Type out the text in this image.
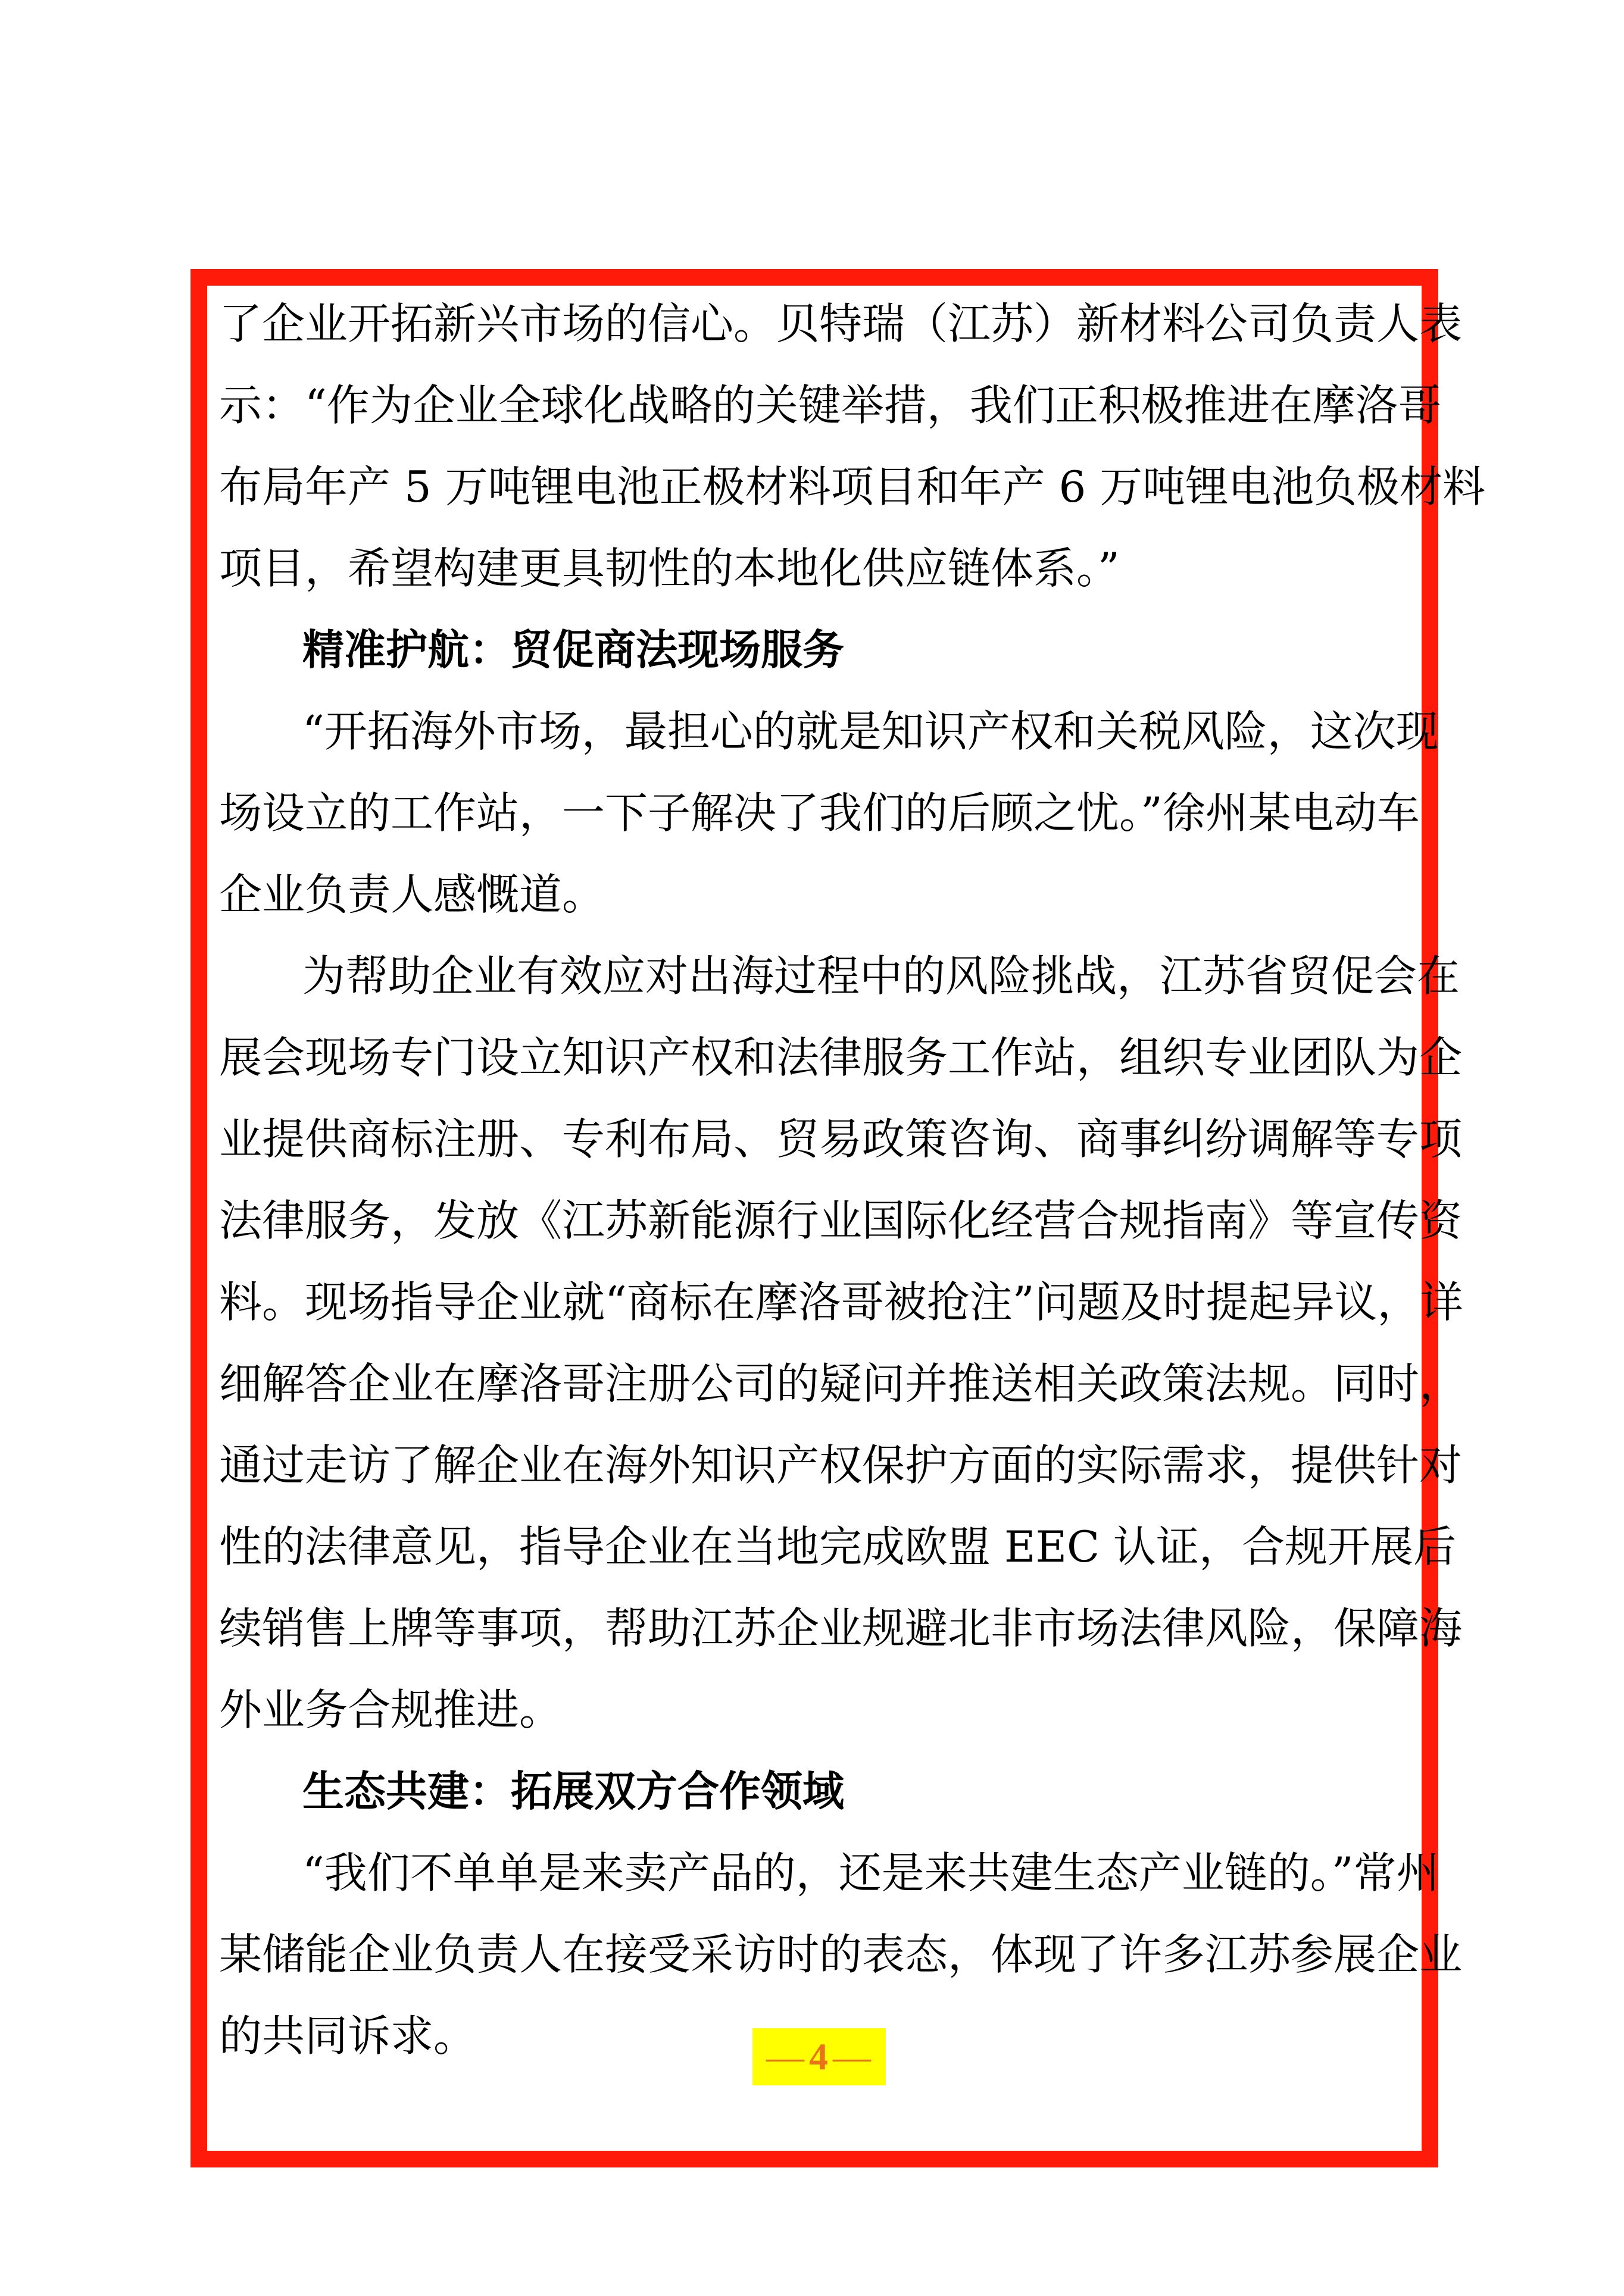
了企业开拓新兴市场的信心。贝特瑞（江苏）新材料公司负责人表
示：“作为企业全球化战略的关键举措，我们正积极推进在摩洛哥
布局年产 5 万吨锂电池正极材料项目和年产 6 万吨锂电池负极材料
项目，希望构建更具韧性的本地化供应链体系。”
精准护航：贸促商法现场服务
“开拓海外市场，最担心的就是知识产权和关税风险，这次现
场设立的工作站，一下子解决了我们的后顾之忧。”徐州某电动车
企业负责人感慨道。
为帮助企业有效应对出海过程中的风险挑战，江苏省贸促会在
展会现场专门设立知识产权和法律服务工作站，组织专业团队为企
业提供商标注册、专利布局、贸易政策咨询、商事纠纷调解等专项
法律服务，发放《江苏新能源行业国际化经营合规指南》等宣传资
料。现场指导企业就“商标在摩洛哥被抢注”问题及时提起异议，详
细解答企业在摩洛哥注册公司的疑问并推送相关政策法规。同时，
通过走访了解企业在海外知识产权保护方面的实际需求，提供针对
性的法律意见，指导企业在当地完成欧盟 EEC 认证，合规开展后
续销售上牌等事项，帮助江苏企业规避北非市场法律风险，保障海
外业务合规推进。
生态共建：拓展双方合作领域
“我们不单单是来卖产品的，还是来共建生态产业链的。”常州
某储能企业负责人在接受采访时的表态，体现了许多江苏参展企业
的共同诉求。	— 4 —
